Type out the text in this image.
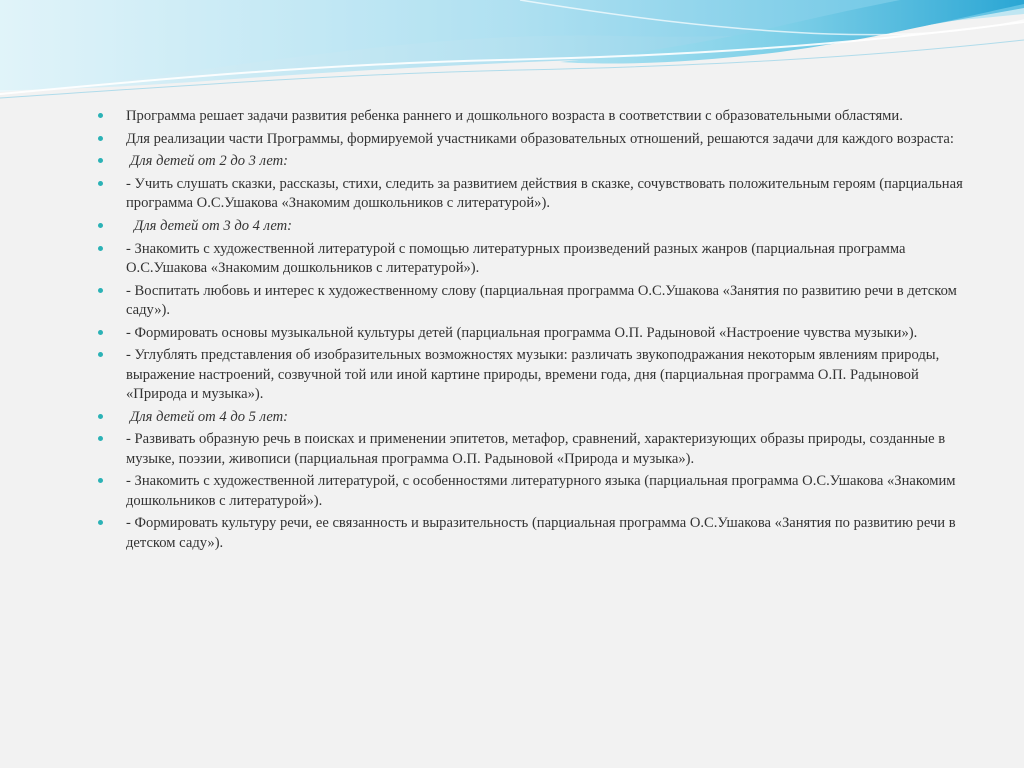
Программа решает задачи развития ребенка раннего и дошкольного возраста в соответствии с образовательными областями.
Для реализации части Программы, формируемой участниками образовательных отношений, решаются задачи для каждого возраста:
Для детей от 2 до 3 лет:
- Учить слушать сказки, рассказы, стихи, следить за развитием действия в сказке, сочувствовать положительным героям (парциальная программа О.С.Ушакова «Знакомим дошкольников с литературой»).
Для детей от 3 до 4 лет:
- Знакомить с художественной литературой с помощью литературных произведений разных жанров (парциальная программа О.С.Ушакова «Знакомим дошкольников с литературой»).
- Воспитать любовь и интерес к художественному слову (парциальная программа О.С.Ушакова «Занятия по развитию речи в детском саду»).
- Формировать основы музыкальной культуры детей (парциальная программа О.П. Радыновой «Настроение чувства музыки»).
- Углублять представления об изобразительных возможностях музыки: различать звукоподражания некоторым явлениям природы, выражение настроений, созвучной той или иной картине природы, времени года, дня (парциальная программа О.П. Радыновой «Природа и музыка»).
Для детей от 4 до 5 лет:
- Развивать образную речь в поисках и применении эпитетов, метафор, сравнений, характеризующих образы природы, созданные в музыке, поэзии, живописи (парциальная программа О.П. Радыновой «Природа и музыка»).
- Знакомить с художественной литературой, с особенностями литературного языка (парциальная программа О.С.Ушакова «Знакомим дошкольников с литературой»).
- Формировать культуру речи, ее связанность и выразительность (парциальная программа О.С.Ушакова «Занятия по развитию речи в детском саду»).
